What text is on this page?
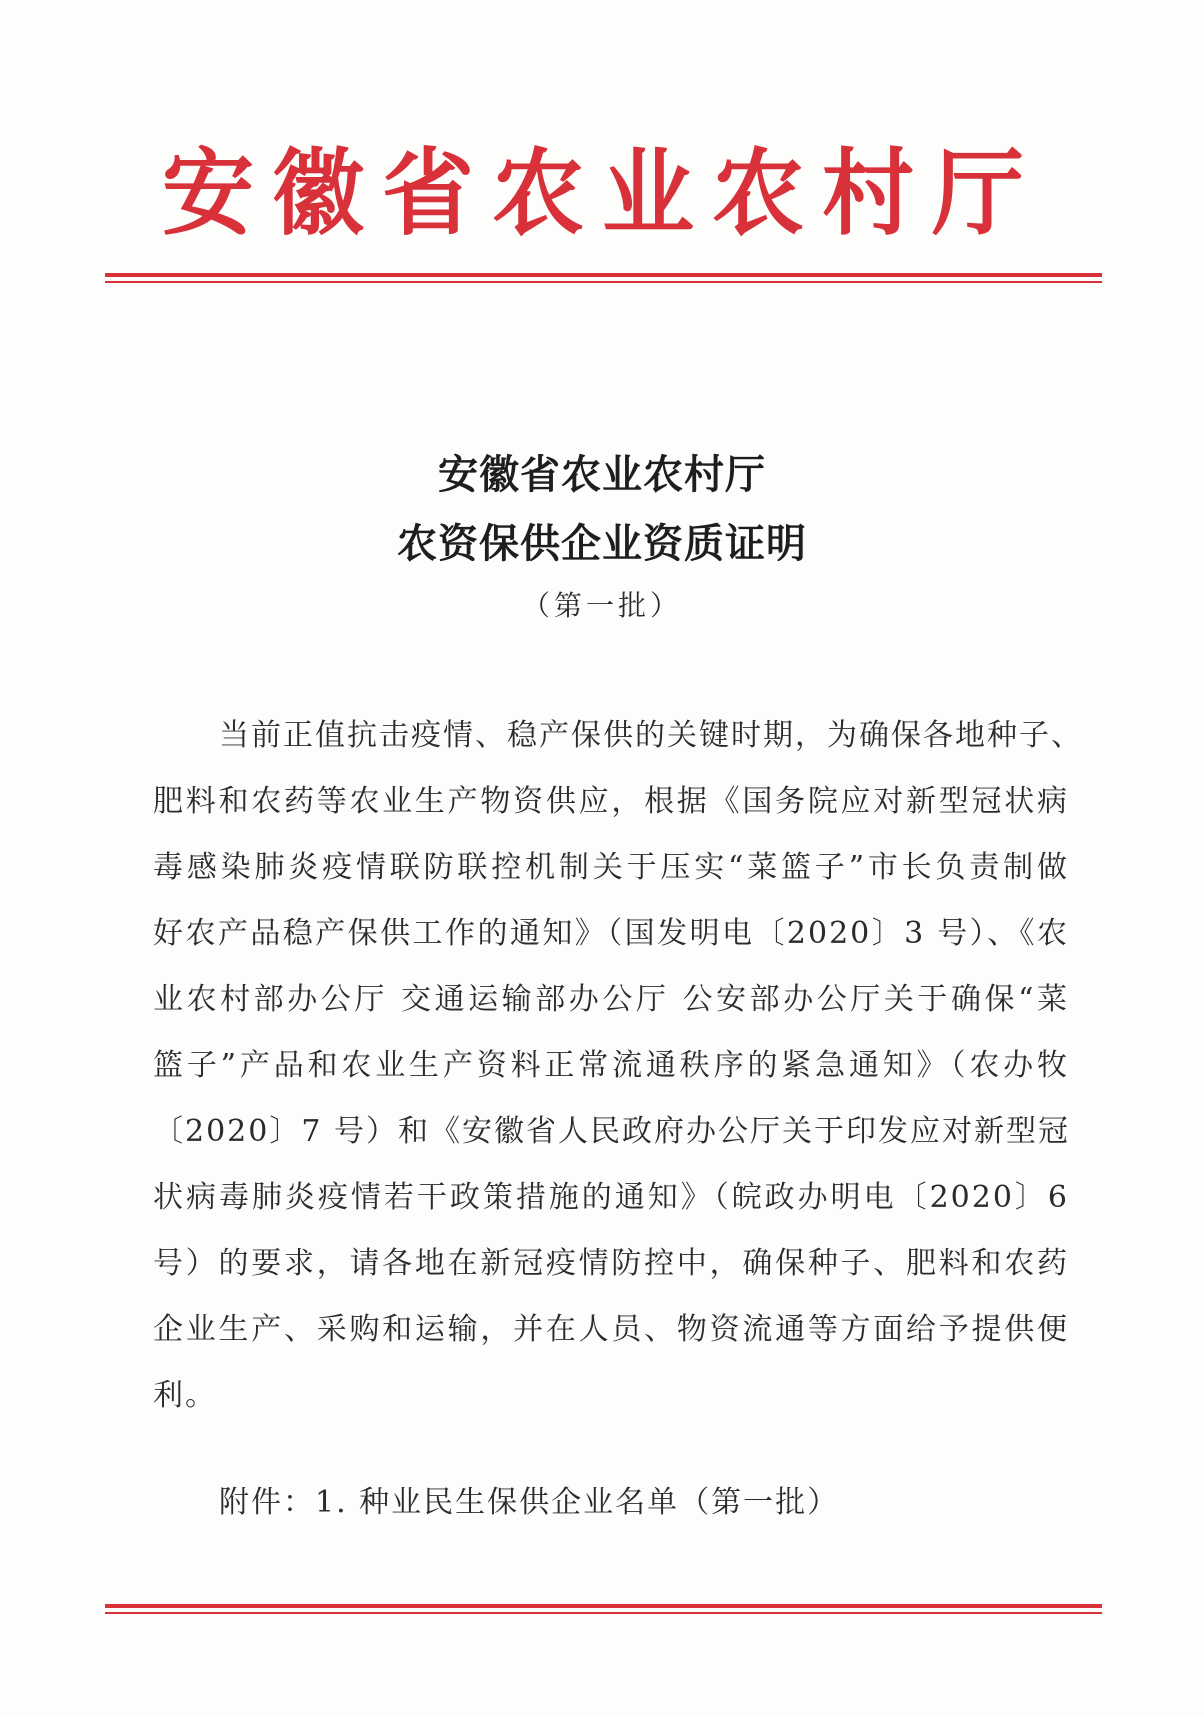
安徽省农业农村厅
安徽省农业农村厅
农资保供企业资质证明
（第一批）
当前正值抗击疫情、稳产保供的关键时期，为确保各地种子、
肥料和农药等农业生产物资供应，根据《国务院应对新型冠状病
毒感染肺炎疫情联防联控机制关于压实“菜篮子”市长负责制做
好农产品稳产保供工作的通知》（国发明电〔2020〕3 号）、《农
业农村部办公厅 交通运输部办公厅 公安部办公厅关于确保“菜
篮子”产品和农业生产资料正常流通秩序的紧急通知》（农办牧
〔2020〕7 号）和《安徽省人民政府办公厅关于印发应对新型冠
状病毒肺炎疫情若干政策措施的通知》（皖政办明电〔2020〕6
号）的要求，请各地在新冠疫情防控中，确保种子、肥料和农药
企业生产、采购和运输，并在人员、物资流通等方面给予提供便
利。
附件：1. 种业民生保供企业名单（第一批）
